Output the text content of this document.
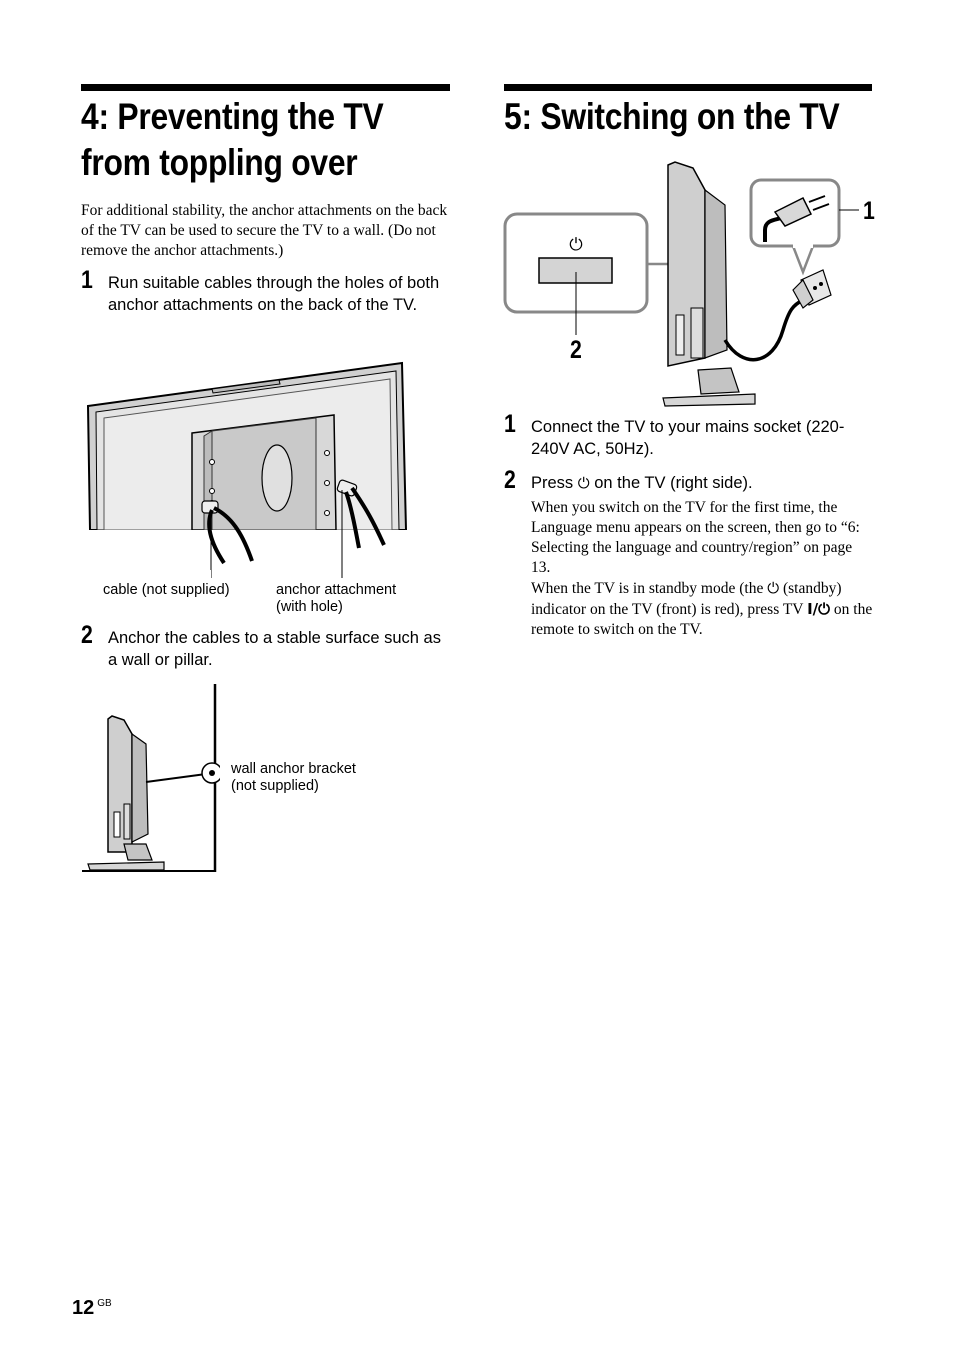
4: Preventing the TV
from toppling over

For additional stability, the anchor attachments on the back of the TV can be used to secure the TV to a wall. (Do not remove the anchor attachments.)

1 Run suitable cables through the holes of both anchor attachments on the back of the TV.

cable (not supplied)	anchor attachment
(with hole)
2 Anchor the cables to a stable surface such as a wall or pillar.

wall anchor bracket
(not supplied)
5: Switching on the TV
⏻
1
2
1 Connect the TV to your mains socket (220-240V AC, 50Hz).

2 Press ⏻ on the TV (right side).

When you switch on the TV for the first time, the Language menu appears on the screen, then go to “6: Selecting the language and country/region” on page 13.

When the TV is in standby mode (the ⏻ (standby) indicator on the TV (front) is red), press TV I/⏻ on the remote to switch on the TV.

12 $^{GB}$
